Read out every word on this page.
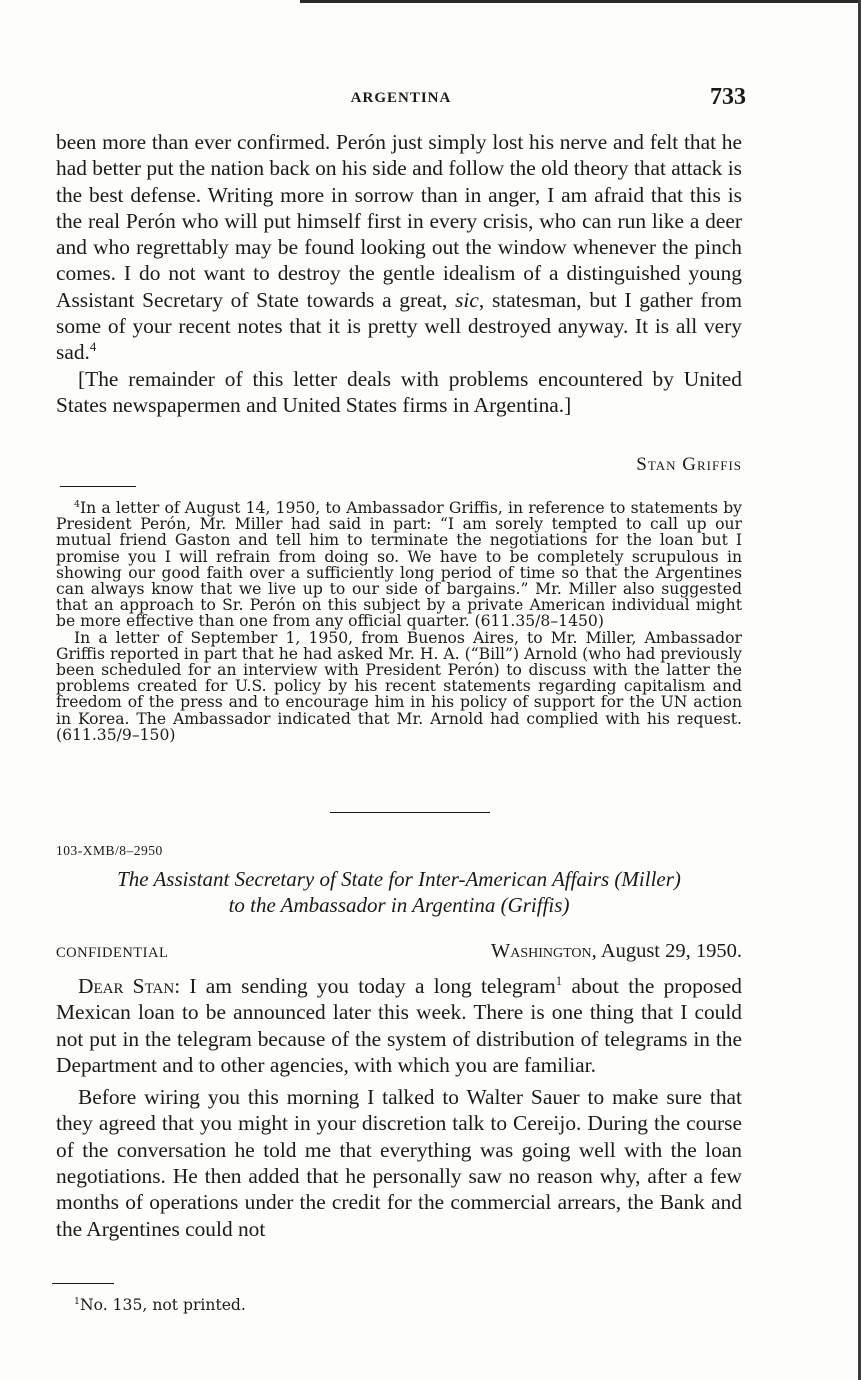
ARGENTINA	733

been more than ever confirmed. Perón just simply lost his nerve and felt that he had better put the nation back on his side and follow the old theory that attack is the best defense. Writing more in sorrow than in anger, I am afraid that this is the real Perón who will put himself first in every crisis, who can run like a deer and who regrettably may be found looking out the window whenever the pinch comes. I do not want to destroy the gentle idealism of a distinguished young Assistant Secretary of State towards a great, sic, statesman, but I gather from some of your recent notes that it is pretty well destroyed anyway. It is all very sad.$^4$

[The remainder of this letter deals with problems encountered by United States newspapermen and United States firms in Argentina.]

Stan Griffis

$^4$In a letter of August 14, 1950, to Ambassador Griffis, in reference to statements by President Perón, Mr. Miller had said in part: “I am sorely tempted to call up our mutual friend Gaston and tell him to terminate the negotiations for the loan but I promise you I will refrain from doing so. We have to be completely scrupulous in showing our good faith over a sufficiently long period of time so that the Argentines can always know that we live up to our side of bargains.” Mr. Miller also suggested that an approach to Sr. Perón on this subject by a private American individual might be more effective than one from any official quarter. (611.35/8–1450)

In a letter of September 1, 1950, from Buenos Aires, to Mr. Miller, Ambassador Griffis reported in part that he had asked Mr. H. A. (“Bill”) Arnold (who had previously been scheduled for an interview with President Perón) to discuss with the latter the problems created for U.S. policy by his recent statements regarding capitalism and freedom of the press and to encourage him in his policy of support for the UN action in Korea. The Ambassador indicated that Mr. Arnold had complied with his request. (611.35/9–150)

103-XMB/8–2950
The Assistant Secretary of State for Inter-American Affairs (Miller)
to the Ambassador in Argentina (Griffis)
CONFIDENTIAL	Washington, August 29, 1950.

Dear Stan: I am sending you today a long telegram$^1$ about the proposed Mexican loan to be announced later this week. There is one thing that I could not put in the telegram because of the system of distribution of telegrams in the Department and to other agencies, with which you are familiar.

Before wiring you this morning I talked to Walter Sauer to make sure that they agreed that you might in your discretion talk to Cereijo. During the course of the conversation he told me that everything was going well with the loan negotiations. He then added that he personally saw no reason why, after a few months of operations under the credit for the commercial arrears, the Bank and the Argentines could not

$^1$No. 135, not printed.
